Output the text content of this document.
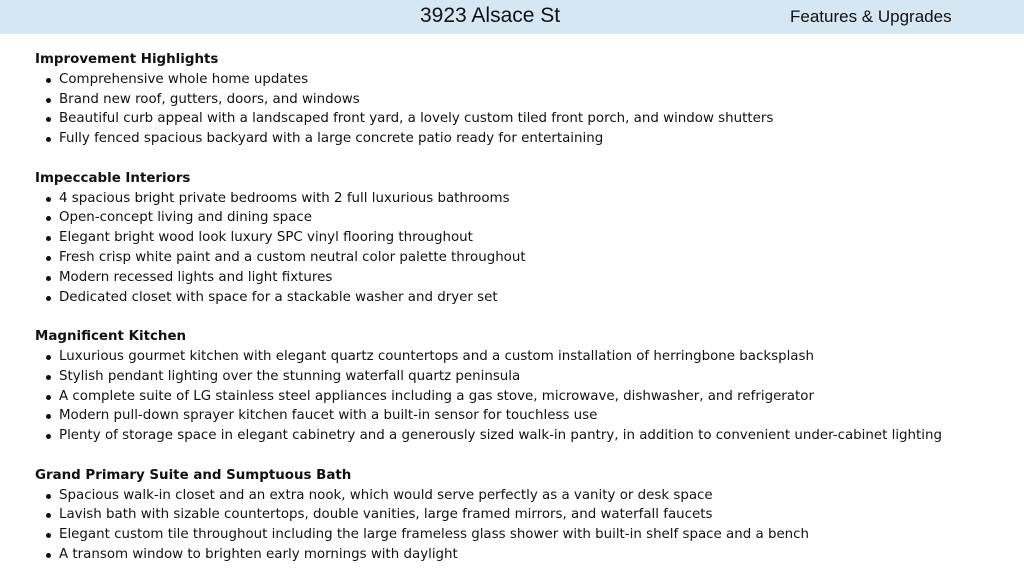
3923 Alsace St	Features & Upgrades
Improvement Highlights
Comprehensive whole home updates
Brand new roof, gutters, doors, and windows
Beautiful curb appeal with a landscaped front yard, a lovely custom tiled front porch, and window shutters
Fully fenced spacious backyard with a large concrete patio ready for entertaining
Impeccable Interiors
4 spacious bright private bedrooms with 2 full luxurious bathrooms
Open-concept living and dining space
Elegant bright wood look luxury SPC vinyl flooring throughout
Fresh crisp white paint and a custom neutral color palette throughout
Modern recessed lights and light fixtures
Dedicated closet with space for a stackable washer and dryer set
Magnificent Kitchen
Luxurious gourmet kitchen with elegant quartz countertops and a custom installation of herringbone backsplash
Stylish pendant lighting over the stunning waterfall quartz peninsula
A complete suite of LG stainless steel appliances including a gas stove, microwave, dishwasher, and refrigerator
Modern pull-down sprayer kitchen faucet with a built-in sensor for touchless use
Plenty of storage space in elegant cabinetry and a generously sized walk-in pantry, in addition to convenient under-cabinet lighting
Grand Primary Suite and Sumptuous Bath
Spacious walk-in closet and an extra nook, which would serve perfectly as a vanity or desk space
Lavish bath with sizable countertops, double vanities, large framed mirrors, and waterfall faucets
Elegant custom tile throughout including the large frameless glass shower with built-in shelf space and a bench
A transom window to brighten early mornings with daylight
